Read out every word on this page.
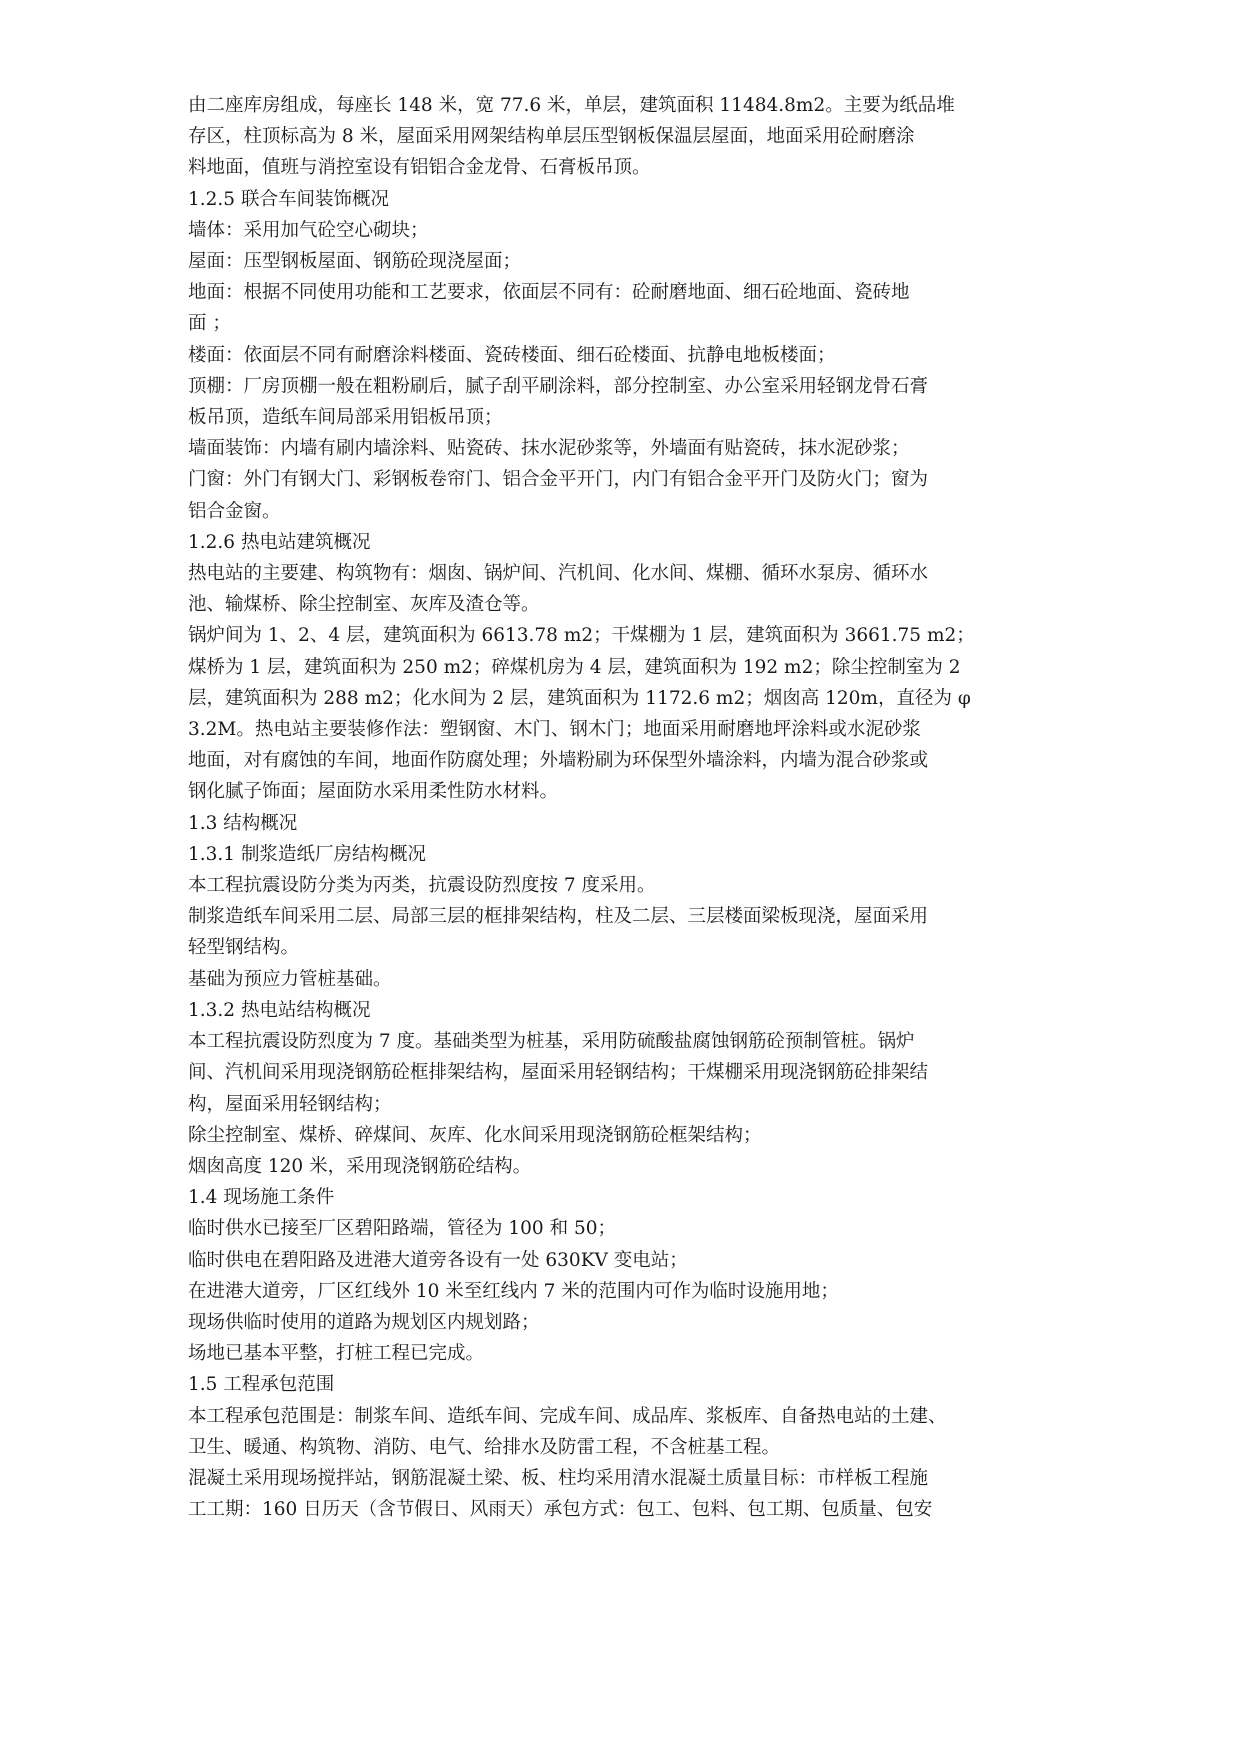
由二座库房组成，每座长 148 米，宽 77.6 米，单层，建筑面积 11484.8m2。主要为纸品堆
存区，柱顶标高为 8 米，屋面采用网架结构单层压型钢板保温层屋面，地面采用砼耐磨涂
料地面，值班与消控室设有铝铝合金龙骨、石膏板吊顶。
1.2.5 联合车间装饰概况
墙体：采用加气砼空心砌块；
屋面：压型钢板屋面、钢筋砼现浇屋面；
地面：根据不同使用功能和工艺要求，依面层不同有：砼耐磨地面、细石砼地面、瓷砖地
面 ；
楼面：依面层不同有耐磨涂料楼面、瓷砖楼面、细石砼楼面、抗静电地板楼面；
顶棚：厂房顶棚一般在粗粉刷后，腻子刮平刷涂料，部分控制室、办公室采用轻钢龙骨石膏
板吊顶，造纸车间局部采用铝板吊顶；
墙面装饰：内墙有刷内墙涂料、贴瓷砖、抹水泥砂浆等，外墙面有贴瓷砖，抹水泥砂浆；
门窗：外门有钢大门、彩钢板卷帘门、铝合金平开门，内门有铝合金平开门及防火门；窗为
铝合金窗。
1.2.6 热电站建筑概况
热电站的主要建、构筑物有：烟囱、锅炉间、汽机间、化水间、煤棚、循环水泵房、循环水
池、输煤桥、除尘控制室、灰库及渣仓等。
锅炉间为 1、2、4 层，建筑面积为 6613.78 m2；干煤棚为 1 层，建筑面积为 3661.75 m2；
煤桥为 1 层，建筑面积为 250 m2；碎煤机房为 4 层，建筑面积为 192 m2；除尘控制室为 2
层，建筑面积为 288 m2；化水间为 2 层，建筑面积为 1172.6 m2；烟囱高 120m，直径为 φ
3.2M。热电站主要装修作法：塑钢窗、木门、钢木门；地面采用耐磨地坪涂料或水泥砂浆
地面，对有腐蚀的车间，地面作防腐处理；外墙粉刷为环保型外墙涂料，内墙为混合砂浆或
钢化腻子饰面；屋面防水采用柔性防水材料。
1.3 结构概况
1.3.1 制浆造纸厂房结构概况
本工程抗震设防分类为丙类，抗震设防烈度按 7 度采用。
制浆造纸车间采用二层、局部三层的框排架结构，柱及二层、三层楼面梁板现浇，屋面采用
轻型钢结构。
基础为预应力管桩基础。
1.3.2 热电站结构概况
本工程抗震设防烈度为 7 度。基础类型为桩基，采用防硫酸盐腐蚀钢筋砼预制管桩。锅炉
间、汽机间采用现浇钢筋砼框排架结构，屋面采用轻钢结构；干煤棚采用现浇钢筋砼排架结
构，屋面采用轻钢结构；
除尘控制室、煤桥、碎煤间、灰库、化水间采用现浇钢筋砼框架结构；
烟囱高度 120 米，采用现浇钢筋砼结构。
1.4 现场施工条件
临时供水已接至厂区碧阳路端，管径为 100 和 50；
临时供电在碧阳路及进港大道旁各设有一处 630KV 变电站；
在进港大道旁，厂区红线外 10 米至红线内 7 米的范围内可作为临时设施用地；
现场供临时使用的道路为规划区内规划路；
场地已基本平整，打桩工程已完成。
1.5 工程承包范围
本工程承包范围是：制浆车间、造纸车间、完成车间、成品库、浆板库、自备热电站的土建、
卫生、暖通、构筑物、消防、电气、给排水及防雷工程，不含桩基工程。
混凝土采用现场搅拌站，钢筋混凝土梁、板、柱均采用清水混凝土质量目标：市样板工程施
工工期：160 日历天（含节假日、风雨天）承包方式：包工、包料、包工期、包质量、包安
